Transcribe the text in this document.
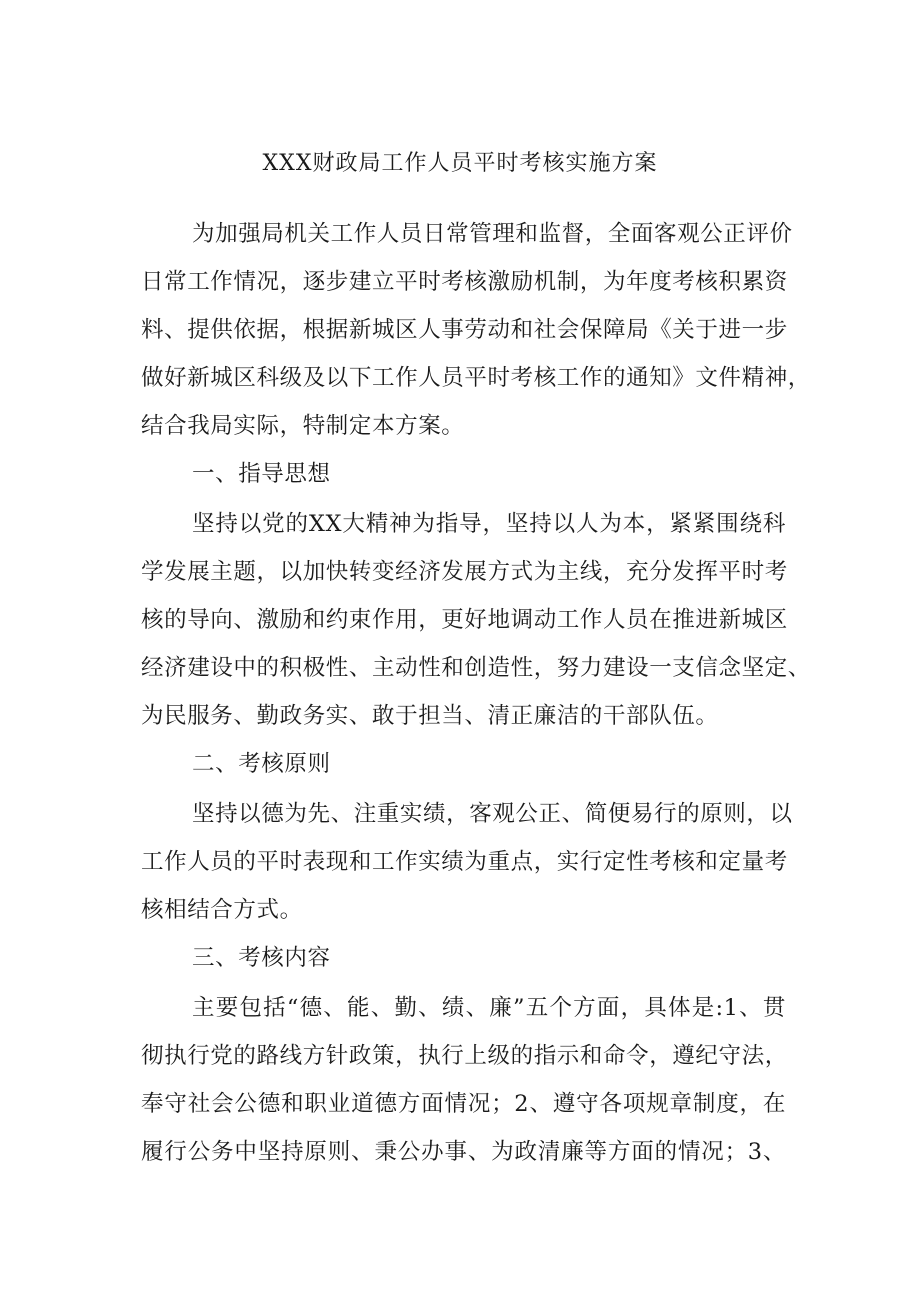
XXX财政局工作人员平时考核实施方案
为加强局机关工作人员日常管理和监督，全面客观公正评价
日常工作情况，逐步建立平时考核激励机制，为年度考核积累资
料、提供依据，根据新城区人事劳动和社会保障局《关于进一步
做好新城区科级及以下工作人员平时考核工作的通知》文件精神，
结合我局实际，特制定本方案。
一、指导思想
坚持以党的XX大精神为指导，坚持以人为本，紧紧围绕科
学发展主题，以加快转变经济发展方式为主线，充分发挥平时考
核的导向、激励和约束作用，更好地调动工作人员在推进新城区
经济建设中的积极性、主动性和创造性，努力建设一支信念坚定、
为民服务、勤政务实、敢于担当、清正廉洁的干部队伍。
二、考核原则
坚持以德为先、注重实绩，客观公正、简便易行的原则，以
工作人员的平时表现和工作实绩为重点，实行定性考核和定量考
核相结合方式。
三、考核内容
主要包括“德、能、勤、绩、廉”五个方面，具体是:1、贯
彻执行党的路线方针政策，执行上级的指示和命令，遵纪守法，
奉守社会公德和职业道德方面情况；2、遵守各项规章制度，在
履行公务中坚持原则、秉公办事、为政清廉等方面的情况；3、
